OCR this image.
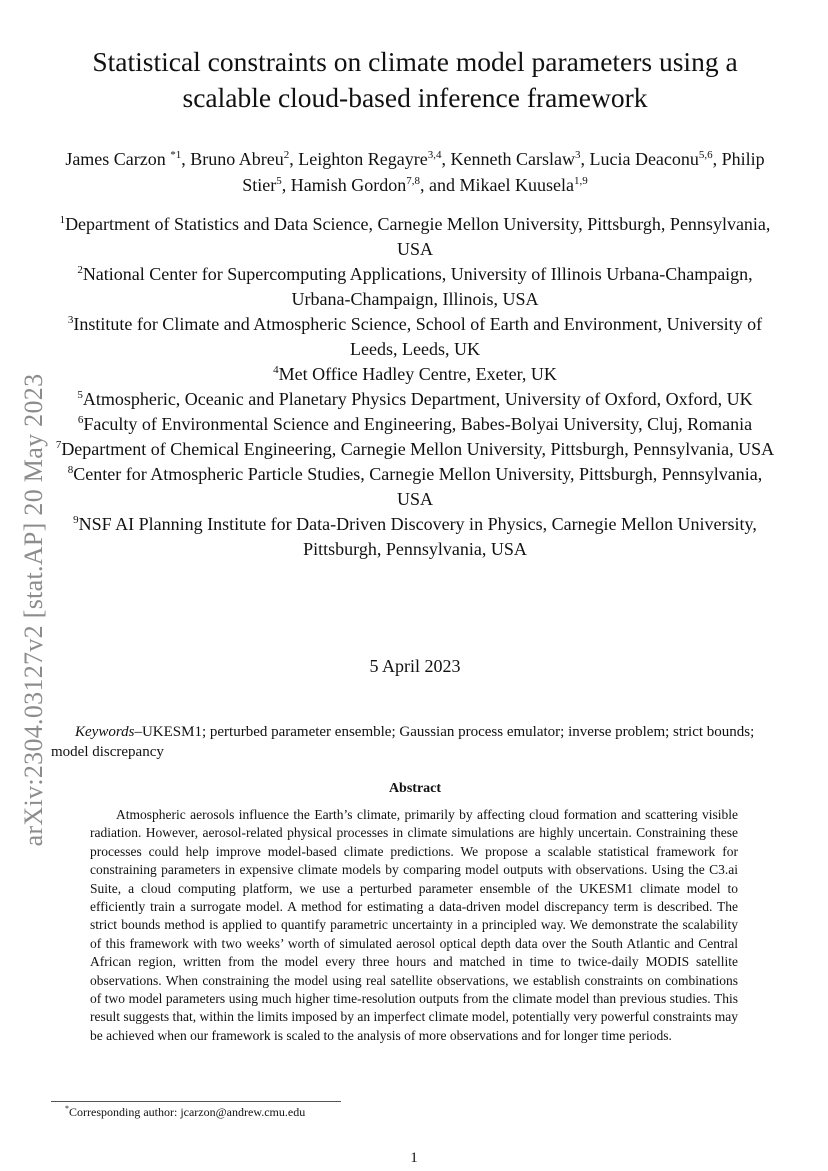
arXiv:2304.03127v2 [stat.AP] 20 May 2023
Statistical constraints on climate model parameters using a scalable cloud-based inference framework
James Carzon $^{*1}$, Bruno Abreu$^2$, Leighton Regayre$^{3,4}$, Kenneth Carslaw$^3$, Lucia Deaconu$^{5,6}$, Philip Stier$^5$, Hamish Gordon$^{7,8}$, and Mikael Kuusela$^{1,9}$
$^1$Department of Statistics and Data Science, Carnegie Mellon University, Pittsburgh, Pennsylvania, USA
$^2$National Center for Supercomputing Applications, University of Illinois Urbana-Champaign, Urbana-Champaign, Illinois, USA
$^3$Institute for Climate and Atmospheric Science, School of Earth and Environment, University of Leeds, Leeds, UK
$^4$Met Office Hadley Centre, Exeter, UK
$^5$Atmospheric, Oceanic and Planetary Physics Department, University of Oxford, Oxford, UK
$^6$Faculty of Environmental Science and Engineering, Babes-Bolyai University, Cluj, Romania
$^7$Department of Chemical Engineering, Carnegie Mellon University, Pittsburgh, Pennsylvania, USA
$^8$Center for Atmospheric Particle Studies, Carnegie Mellon University, Pittsburgh, Pennsylvania, USA
$^9$NSF AI Planning Institute for Data-Driven Discovery in Physics, Carnegie Mellon University, Pittsburgh, Pennsylvania, USA
5 April 2023
Keywords–UKESM1; perturbed parameter ensemble; Gaussian process emulator; inverse problem; strict bounds; model discrepancy
Abstract
Atmospheric aerosols influence the Earth’s climate, primarily by affecting cloud formation and scattering visible radiation. However, aerosol-related physical processes in climate simulations are highly uncertain. Constraining these processes could help improve model-based climate predictions. We propose a scalable statistical framework for constraining parameters in expensive climate models by comparing model outputs with observations. Using the C3.ai Suite, a cloud computing platform, we use a perturbed parameter ensemble of the UKESM1 climate model to efficiently train a surrogate model. A method for estimating a data-driven model discrepancy term is described. The strict bounds method is applied to quantify parametric uncertainty in a principled way. We demonstrate the scalability of this framework with two weeks’ worth of simulated aerosol optical depth data over the South Atlantic and Central African region, written from the model every three hours and matched in time to twice-daily MODIS satellite observations. When constraining the model using real satellite observations, we establish constraints on combinations of two model parameters using much higher time-resolution outputs from the climate model than previous studies. This result suggests that, within the limits imposed by an imperfect climate model, potentially very powerful constraints may be achieved when our framework is scaled to the analysis of more observations and for longer time periods.
*Corresponding author: jcarzon@andrew.cmu.edu
1
